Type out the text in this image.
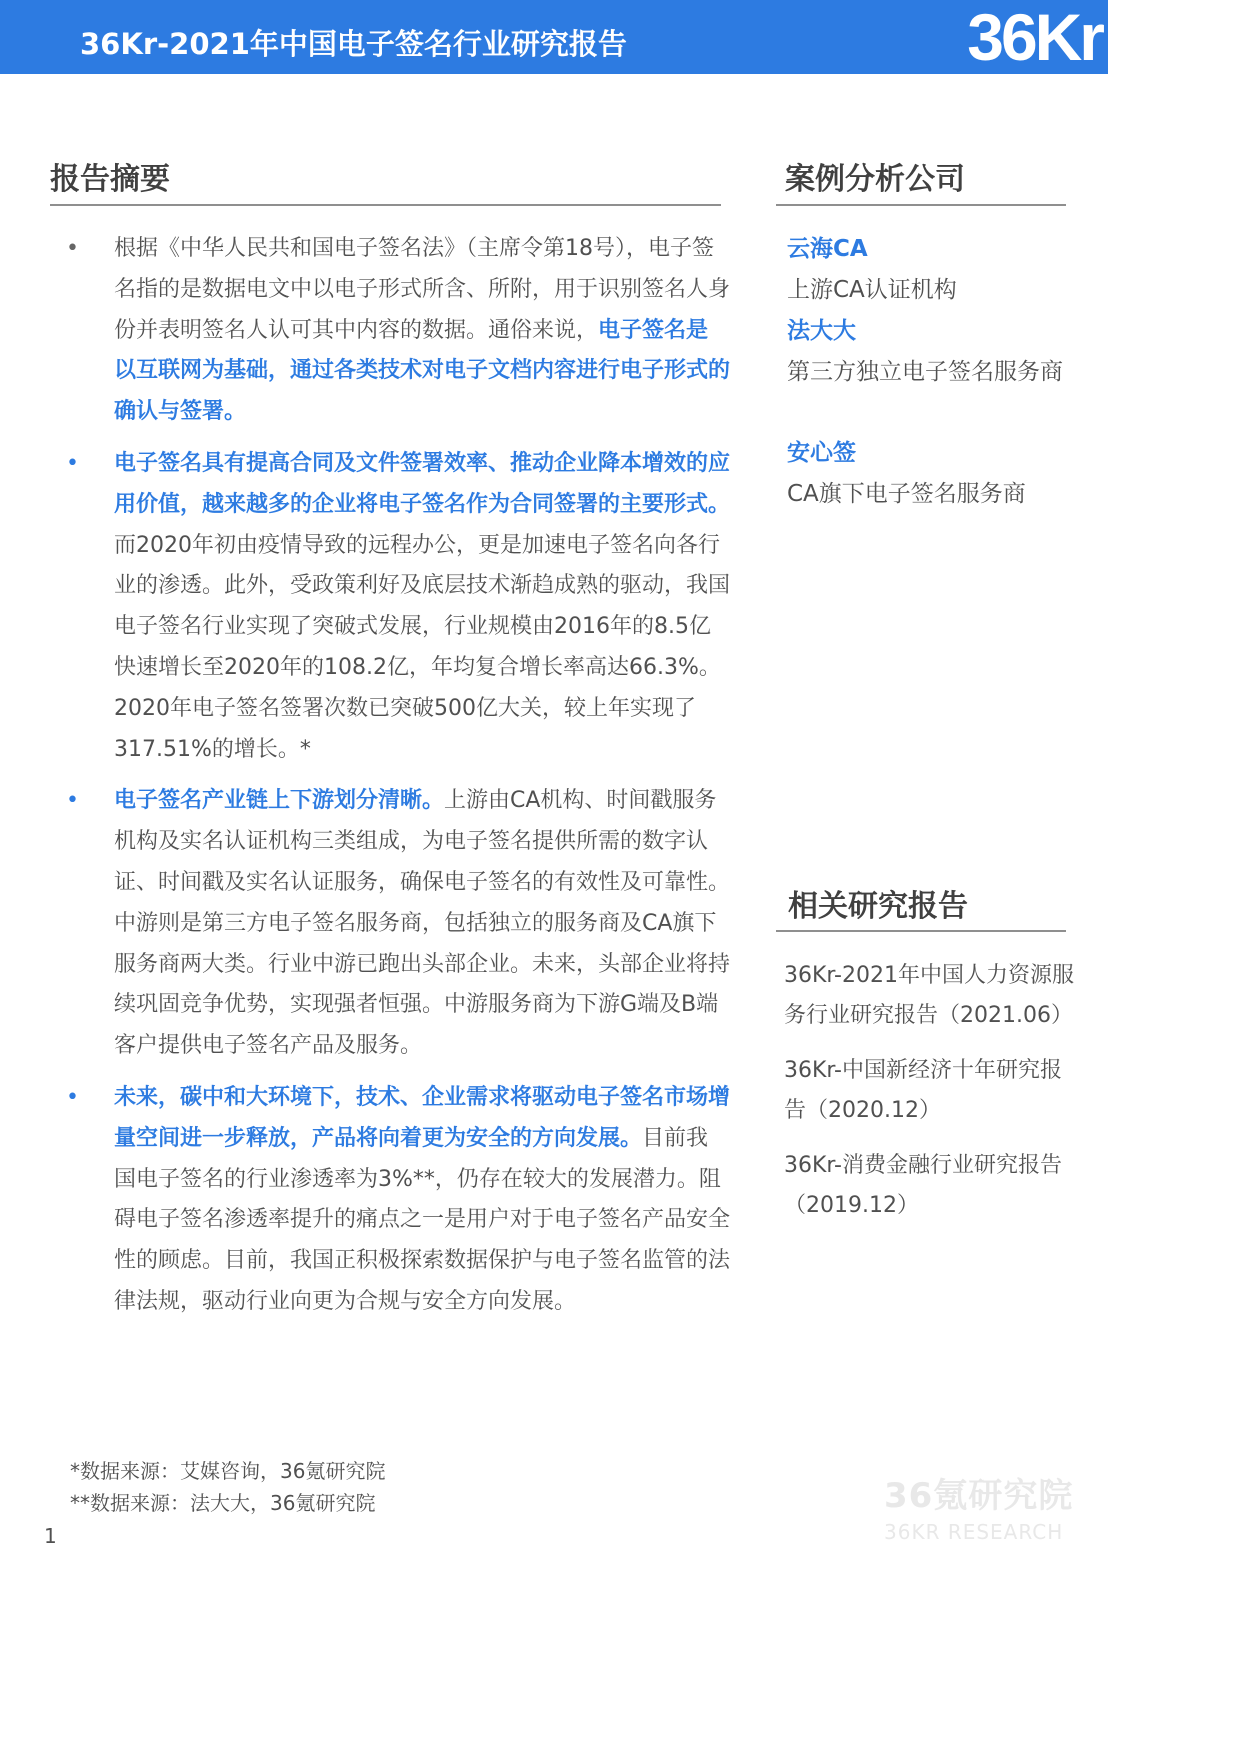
36Kr-2021年中国电子签名行业研究报告	36Kr
报告摘要
• 根据《中华人民共和国电子签名法》（主席令第18号），电子签名指的是数据电文中以电子形式所含、所附，用于识别签名人身份并表明签名人认可其中内容的数据。通俗来说，电子签名是以互联网为基础，通过各类技术对电子文档内容进行电子形式的确认与签署。
• 电子签名具有提高合同及文件签署效率、推动企业降本增效的应用价值，越来越多的企业将电子签名作为合同签署的主要形式。而2020年初由疫情导致的远程办公，更是加速电子签名向各行业的渗透。此外，受政策利好及底层技术渐趋成熟的驱动，我国电子签名行业实现了突破式发展，行业规模由2016年的8.5亿快速增长至2020年的108.2亿，年均复合增长率高达66.3%。2020年电子签名签署次数已突破500亿大关，较上年实现了317.51%的增长。*
• 电子签名产业链上下游划分清晰。上游由CA机构、时间戳服务机构及实名认证机构三类组成，为电子签名提供所需的数字认证、时间戳及实名认证服务，确保电子签名的有效性及可靠性。中游则是第三方电子签名服务商，包括独立的服务商及CA旗下服务商两大类。行业中游已跑出头部企业。未来，头部企业将持续巩固竞争优势，实现强者恒强。中游服务商为下游G端及B端客户提供电子签名产品及服务。
• 未来，碳中和大环境下，技术、企业需求将驱动电子签名市场增量空间进一步释放，产品将向着更为安全的方向发展。目前我国电子签名的行业渗透率为3%**，仍存在较大的发展潜力。阻碍电子签名渗透率提升的痛点之一是用户对于电子签名产品安全性的顾虑。目前，我国正积极探索数据保护与电子签名监管的法律法规，驱动行业向更为合规与安全方向发展。
*数据来源：艾媒咨询，36氪研究院
**数据来源：法大大，36氪研究院
1
案例分析公司
云海CA
上游CA认证机构
法大大
第三方独立电子签名服务商
安心签
CA旗下电子签名服务商
相关研究报告
36Kr-2021年中国人力资源服务行业研究报告（2021.06）
36Kr-中国新经济十年研究报告（2020.12）
36Kr-消费金融行业研究报告（2019.12）
36氪研究院
36KR RESEARCH
